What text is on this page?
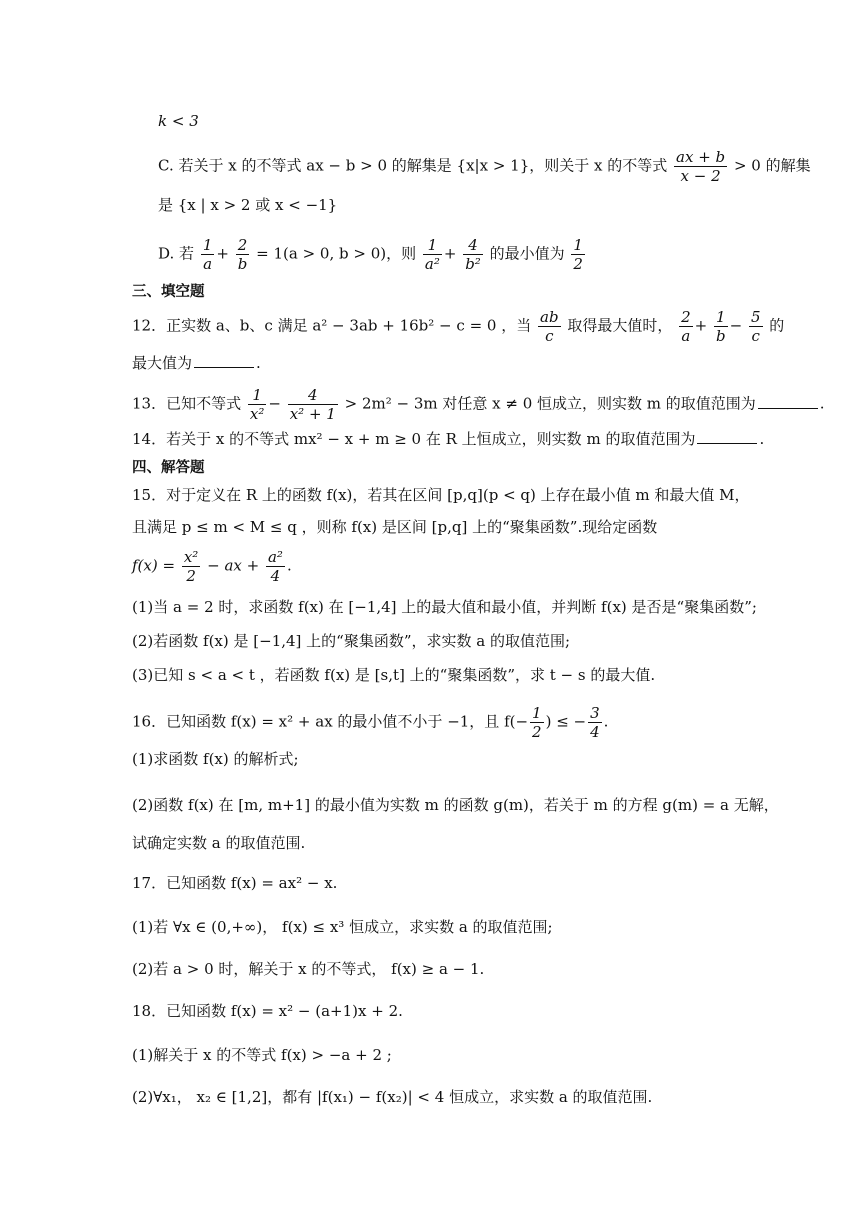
k < 3
C. 若关于 x 的不等式 ax − b > 0 的解集是 {x|x > 1}，则关于 x 的不等式 $\frac{ax + b}{x - 2} > 0$ 的解集
是 {x | x > 2 或 x < −1}
D. 若 $\frac{1}{a} + \frac{2}{b} = 1(a > 0$, b > 0)，则 $\frac{1}{\text{a²}} + \frac{4}{\text{b²}}$ 的最小值为 $\frac{1}{2}$
三、填空题
12．正实数 a、b、c 满足 a² − 3ab + 16b² − c = 0 ，当 $\frac{ab}{c}$ 取得最大值时， $\frac{2}{a} + \frac{1}{b} - \frac{5}{c}$ 的
最大值为	.
13．已知不等式 $\frac{1}{\text{x²}} - \frac{4}{\text{x² + 1}} > 2m^2 - 3m$ 对任意 x ≠ 0 恒成立，则实数 m 的取值范围为	.
14．若关于 x 的不等式 mx² − x + m ≥ 0 在 R 上恒成立，则实数 m 的取值范围为	.
四、解答题
15．对于定义在 R 上的函数 f(x)，若其在区间 [p,q](p < q) 上存在最小值 m 和最大值 M，
且满足 p ≤ m < M ≤ q ，则称 f(x) 是区间 [p,q] 上的“聚集函数”.现给定函数
$f(x) = \frac{\text{x²}}{2}$ − ax + $\frac{\text{a²}}{4}$ .
(1)当 a = 2 时，求函数 f(x) 在 [−1,4] 上的最大值和最小值，并判断 f(x) 是否是“聚集函数”;
(2)若函数 f(x) 是 [−1,4] 上的“聚集函数”，求实数 a 的取值范围;
(3)已知 s < a < t ，若函数 f(x) 是 [s,t] 上的“聚集函数”，求 t − s 的最大值.
16．已知函数 f(x) = x² + ax 的最小值不小于 −1，且 $f(- \frac{1}{2}$ ) ≤ − $\frac{3}{4}$ .
(1)求函数 f(x) 的解析式;
(2)函数 f(x) 在 [m, m+1] 的最小值为实数 m 的函数 g(m)，若关于 m 的方程 g(m) = a 无解，
试确定实数 a 的取值范围.
17．已知函数 f(x) = ax² − x.
(1)若 ∀x ∈ (0,+∞)， f(x) ≤ x³ 恒成立，求实数 a 的取值范围;
(2)若 a > 0 时，解关于 x 的不等式， f(x) ≥ a − 1.
18．已知函数 f(x) = x² − (a+1)x + 2.
(1)解关于 x 的不等式 f(x) > −a + 2 ;
(2)∀x₁， x₂ ∈ [1,2]，都有 |f(x₁) − f(x₂)| < 4 恒成立，求实数 a 的取值范围.
